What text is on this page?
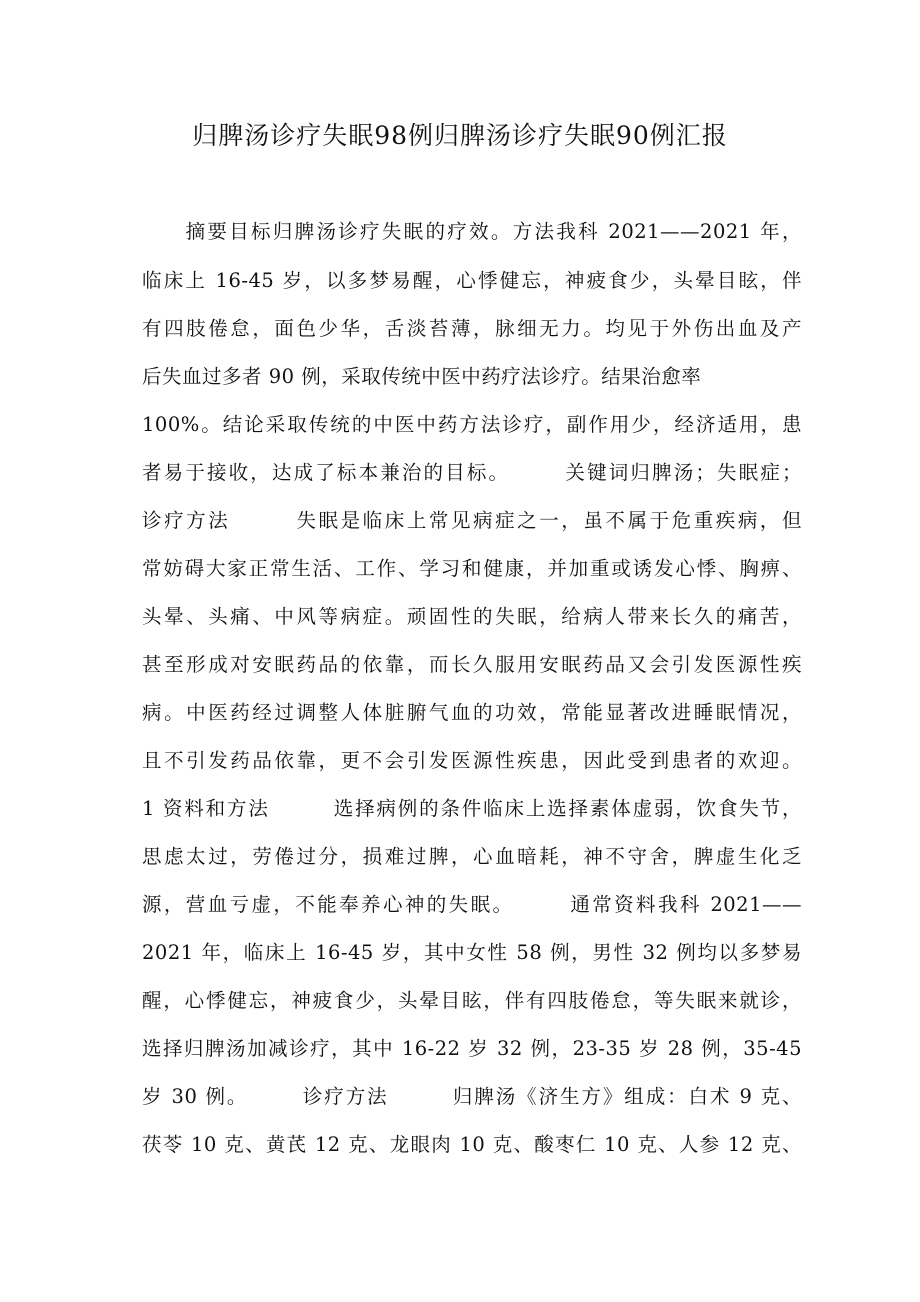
归脾汤诊疗失眠98例归脾汤诊疗失眠90例汇报
　　摘要目标归脾汤诊疗失眠的疗效。方法我科 2021——2021 年，
临床上 16-45 岁，以多梦易醒，心悸健忘，神疲食少，头晕目眩，伴
有四肢倦怠，面色少华，舌淡苔薄，脉细无力。均见于外伤出血及产
后失血过多者 90 例，采取传统中医中药疗法诊疗。结果治愈率
100%。结论采取传统的中医中药方法诊疗，副作用少，经济适用，患
者易于接收，达成了标本兼治的目标。　　　关键词归脾汤；失眠症；
诊疗方法　　　失眠是临床上常见病症之一，虽不属于危重疾病，但
常妨碍大家正常生活、工作、学习和健康，并加重或诱发心悸、胸痹、
头晕、头痛、中风等病症。顽固性的失眠，给病人带来长久的痛苦，
甚至形成对安眠药品的依靠，而长久服用安眠药品又会引发医源性疾
病。中医药经过调整人体脏腑气血的功效，常能显著改进睡眠情况，
且不引发药品依靠，更不会引发医源性疾患，因此受到患者的欢迎。
1 资料和方法　　　选择病例的条件临床上选择素体虚弱，饮食失节，
思虑太过，劳倦过分，损难过脾，心血暗耗，神不守舍，脾虚生化乏
源，营血亏虚，不能奉养心神的失眠。　　　通常资料我科 2021——
2021 年，临床上 16-45 岁，其中女性 58 例，男性 32 例均以多梦易
醒，心悸健忘，神疲食少，头晕目眩，伴有四肢倦怠，等失眠来就诊，
选择归脾汤加减诊疗，其中 16-22 岁 32 例，23-35 岁 28 例，35-45
岁 30 例。　　　诊疗方法　　　归脾汤《济生方》组成：白术 9 克、
茯苓 10 克、黄芪 12 克、龙眼肉 10 克、酸枣仁 10 克、人参 12 克、
